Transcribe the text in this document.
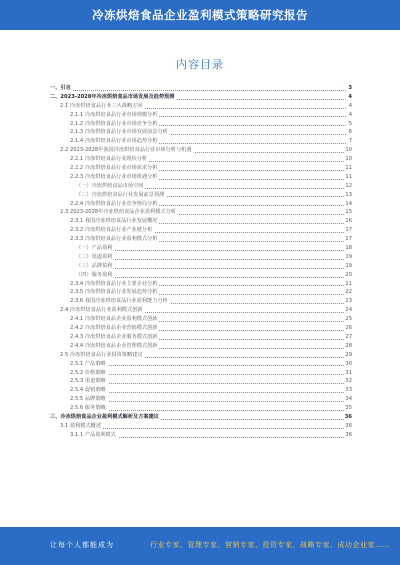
冷冻烘焙食品企业盈利模式策略研究报告
内容目录
一、引言	3
二、2023-2028年冷冻烘焙食品市场发展及趋势预测	4
2.1 冷冻烘焙食品行业三大战略方向	4
2.1.1 冷冻烘焙食品行业市场规模分析	4
2.1.2 冷冻烘焙食品行业市场竞争分析	5
2.1.3 冷冻烘焙食品行业市场发展前景分析	6
2.1.4 冷冻烘焙食品行业市场趋势分析	7
2.2 2023-2028年我国冷冻烘焙食品行业市场分析与机遇	10
2.2.1 冷冻烘焙食品行业现状分析	10
2.2.2 冷冻烘焙食品行业市场需求分析	11
2.2.3 冷冻烘焙食品行业市场机遇分析	11
（一）冷冻烘焙食品市场空间	12
（二）冷冻烘焙食品行业发展前景预测	13
2.2.4 冷冻烘焙食品行业竞争格局分析	14
2.3 2023-2028年冷冻烘焙食品企业盈利模式分析	15
2.3.1 我国冷冻烘焙食品行业发展概况	16
2.3.2 冷冻烘焙食品行业产业链分析	17
2.3.3 冷冻烘焙食品行业盈利模式分析	17
（一）产品盈利	18
（二）渠道盈利	19
（三）品牌盈利	19
（四）服务盈利	20
2.3.4 冷冻烘焙食品行业主要企业分析	21
2.3.5 冷冻烘焙食品行业发展趋势分析	22
2.3.6 我国冷冻烘焙食品行业盈利能力分析	23
2.4 冷冻烘焙食品行业盈利模式创新	24
2.4.1 冷冻烘焙食品企业盈利模式创新	25
2.4.2 冷冻烘焙食品企业营销模式创新	26
2.4.3 冷冻烘焙食品企业服务模式创新	27
2.4.4 冷冻烘焙食品企业管理模式创新	28
2.5 冷冻烘焙食品行业投资策略建议	29
2.5.1 产品策略	30
2.5.2 价格策略	31
2.5.3 渠道策略	32
2.5.4 促销策略	33
2.5.5 品牌策略	34
2.5.6 服务策略	35
三、冷冻烘焙食品企业盈利模式解析及方案建议	36
3.1 盈利模式概述	36
3.1.1 产品盈利模式	36
让每个人都能成为	行业专家、管理专家、营销专家、投资专家、战略专家、成功企业家……
